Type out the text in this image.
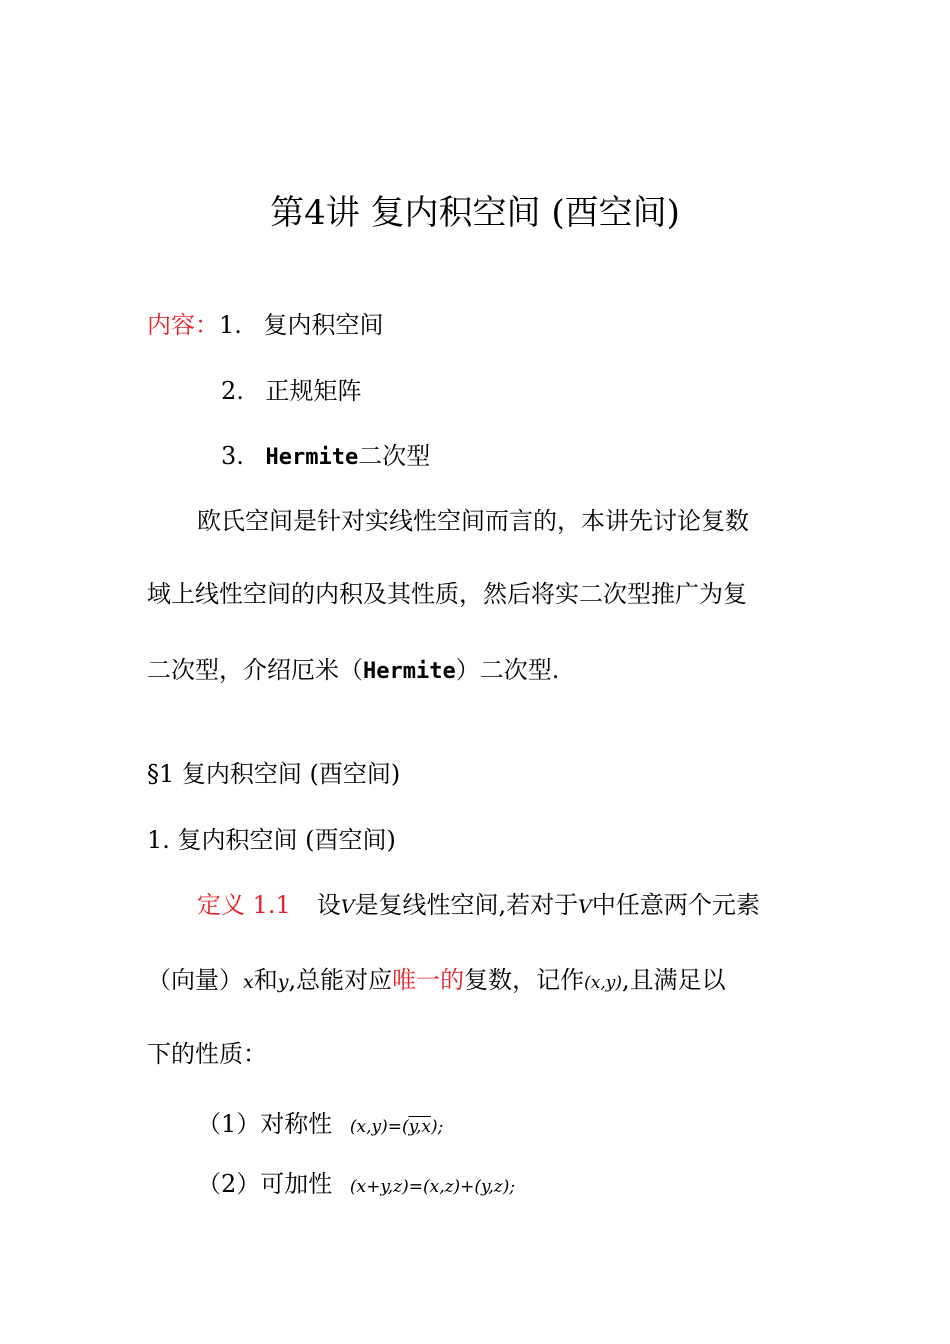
第4讲 复内积空间 (酉空间)
内容：1. 复内积空间
2. 正规矩阵
3. Hermite二次型
欧氏空间是针对实线性空间而言的，本讲先讨论复数
域上线性空间的内积及其性质，然后将实二次型推广为复
二次型，介绍厄米（Hermite）二次型.
§1 复内积空间 (酉空间)
1. 复内积空间 (酉空间)
定义 1.1 设V是复线性空间,若对于V中任意两个元素
（向量）x和y,总能对应唯一的复数，记作(x,y),且满足以
下的性质：
（1）对称性 (x,y)=(y,x);
（2）可加性 (x+y,z)=(x,z)+(y,z);
